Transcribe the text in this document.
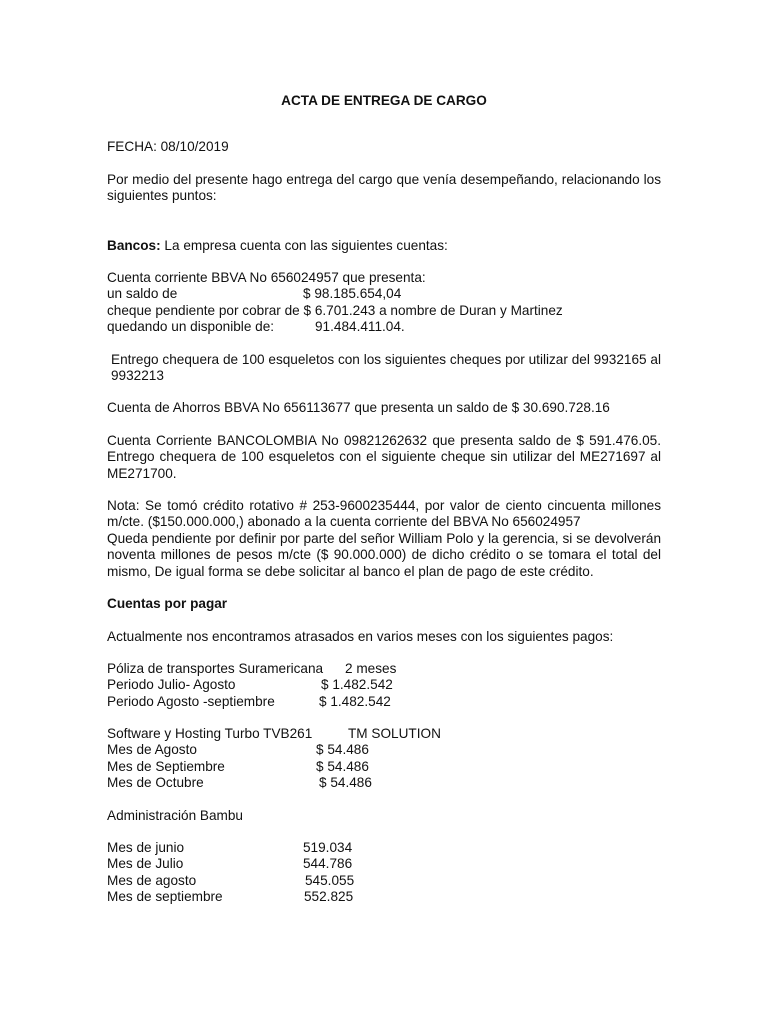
ACTA DE ENTREGA DE CARGO

FECHA: 08/10/2019

Por medio del presente hago entrega del cargo que venía desempeñando, relacionando los siguientes puntos:

Bancos: La empresa cuenta con las siguientes cuentas:

Cuenta corriente BBVA No 656024957 que presenta:

un saldo de	$ 98.185.654,04

cheque pendiente por cobrar de $ 6.701.243 a nombre de Duran y Martinez

quedando un disponible de:	91.484.411.04.

Entrego chequera de 100 esqueletos con los siguientes cheques por utilizar del 9932165 al 9932213

Cuenta de Ahorros BBVA No 656113677 que presenta un saldo de $ 30.690.728.16

Cuenta Corriente BANCOLOMBIA No 09821262632 que presenta saldo de $ 591.476.05. Entrego chequera de 100 esqueletos con el siguiente cheque sin utilizar del ME271697 al ME271700.

Nota: Se tomó crédito rotativo # 253-9600235444, por valor de ciento cincuenta millones m/cte. ($150.000.000,) abonado a la cuenta corriente del BBVA No 656024957

Queda pendiente por definir por parte del señor William Polo y la gerencia, si se devolverán noventa millones de pesos m/cte ($ 90.000.000) de dicho crédito o se tomara el total del mismo, De igual forma se debe solicitar al banco el plan de pago de este crédito.

Cuentas por pagar

Actualmente nos encontramos atrasados en varios meses con los siguientes pagos:

Póliza de transportes Suramericana 2 meses
Periodo Julio- Agosto	$ 1.482.542
Periodo Agosto -septiembre	$ 1.482.542
Software y Hosting Turbo TVB261	TM SOLUTION
Mes de Agosto	$ 54.486
Mes de Septiembre	$ 54.486
Mes de Octubre	$ 54.486

Administración Bambu

Mes de junio	519.034
Mes de Julio	544.786
Mes de agosto	545.055
Mes de septiembre	552.825
